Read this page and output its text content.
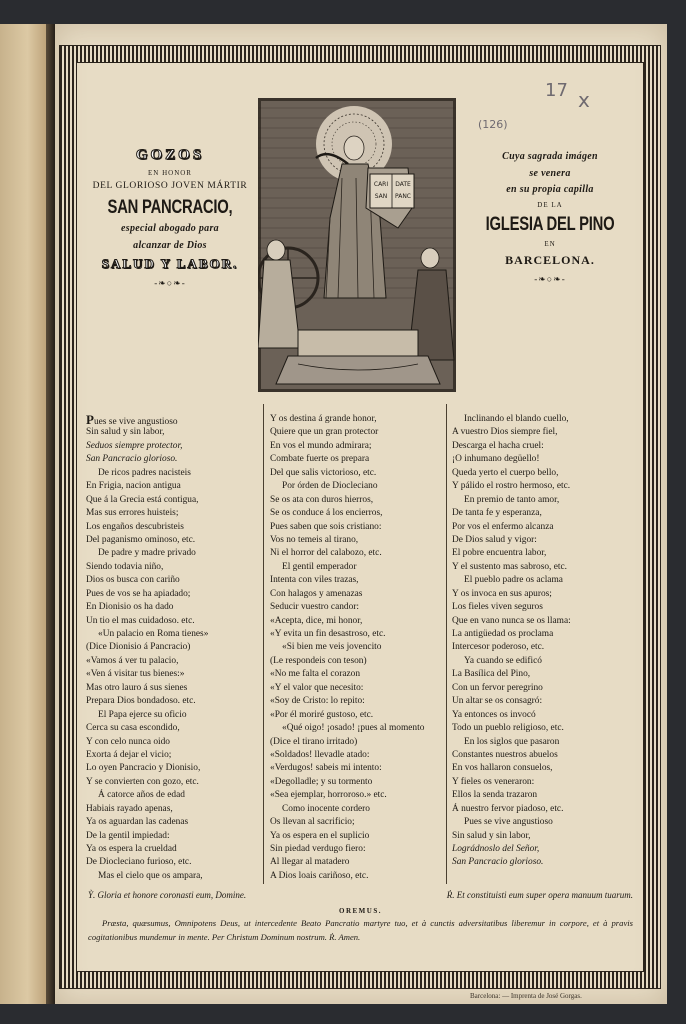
17 x
(126)
GOZOS
EN HONOR
DEL GLORIOSO JOVEN MÁRTIR
SAN PANCRACIO,
especial abogado para
alcanzar de Dios
SALUD Y LABOR.
-❧○❧-
Cuya sagrada imágen
se venera
en su propia capilla
DE LA
IGLESIA DEL PINO
EN
BARCELONA.
-❧○❧-
CARI DATE
SAN PANC
Pues se vive angustioso
Sin salud y sin labor,
Seduos siempre protector,
San Pancracio glorioso.
De ricos padres nacisteis
En Frigia, nacion antigua
Que á la Grecia está contigua,
Mas sus errores huisteis;
Los engaños descubristeis
Del paganismo ominoso, etc.
De padre y madre privado
Siendo todavia niño,
Dios os busca con cariño
Pues de vos se ha apiadado;
En Dionisio os ha dado
Un tio el mas cuidadoso. etc.
«Un palacio en Roma tienes»
(Dice Dionisio á Pancracio)
«Vamos á ver tu palacio,
«Ven á visitar tus bienes:»
Mas otro lauro á sus sienes
Prepara Dios bondadoso. etc.
El Papa ejerce su oficio
Cerca su casa escondido,
Y con celo nunca oido
Exorta á dejar el vicio;
Lo oyen Pancracio y Dionisio,
Y se convierten con gozo, etc.
Á catorce años de edad
Habiais rayado apenas,
Ya os aguardan las cadenas
De la gentil impiedad:
Ya os espera la crueldad
De Diocleciano furioso, etc.
Mas el cielo que os ampara,
Y os destina á grande honor,
Quiere que un gran protector
En vos el mundo admirara;
Combate fuerte os prepara
Del que salis victorioso, etc.
Por órden de Diocleciano
Se os ata con duros hierros,
Se os conduce á los encierros,
Pues saben que sois cristiano:
Vos no temeis al tirano,
Ni el horror del calabozo, etc.
El gentil emperador
Intenta con viles trazas,
Con halagos y amenazas
Seducir vuestro candor:
«Acepta, dice, mi honor,
«Y evita un fin desastroso, etc.
«Si bien me veis jovencito
(Le respondeis con teson)
«No me falta el corazon
«Y el valor que necesito:
«Soy de Cristo: lo repito:
«Por él moriré gustoso, etc.
«Qué oigo! ¡osado! ¡pues al momento
(Dice el tirano irritado)
«Soldados! llevadle atado:
«Verdugos! sabeis mi intento:
«Degolladle; y su tormento
«Sea ejemplar, horroroso.» etc.
Como inocente cordero
Os llevan al sacrificio;
Ya os espera en el suplicio
Sin piedad verdugo fiero:
Al llegar al matadero
A Dios loais cariñoso, etc.
Inclinando el blando cuello,
A vuestro Dios siempre fiel,
Descarga el hacha cruel:
¡O inhumano degüello!
Queda yerto el cuerpo bello,
Y pálido el rostro hermoso, etc.
En premio de tanto amor,
De tanta fe y esperanza,
Por vos el enfermo alcanza
De Dios salud y vigor:
El pobre encuentra labor,
Y el sustento mas sabroso, etc.
El pueblo padre os aclama
Y os invoca en sus apuros;
Los fieles viven seguros
Que en vano nunca se os llama:
La antigüedad os proclama
Intercesor poderoso, etc.
Ya cuando se edificó
La Basílica del Pino,
Con un fervor peregrino
Un altar se os consagró:
Ya entonces os invocó
Todo un pueblo religioso, etc.
En los siglos que pasaron
Constantes nuestros abuelos
En vos hallaron consuelos,
Y fieles os veneraron:
Ellos la senda trazaron
Á nuestro fervor piadoso, etc.
Pues se vive angustioso
Sin salud y sin labor,
Lográdnoslo del Señor,
San Pancracio glorioso.
Ỳ. Gloria et honore coronasti eum, Domine.	Ṙ. Et constituisti eum super opera manuum tuarum.
OREMUS.
Præsta, quæsumus, Omnipotens Deus, ut intercedente Beato Pancratio martyre tuo, et à cunctis adversitatibus liberemur in corpore, et à pravis cogitationibus mundemur in mente. Per Christum Dominum nostrum. Ṙ. Amen.
Barcelona: — Imprenta de José Gorgas.
